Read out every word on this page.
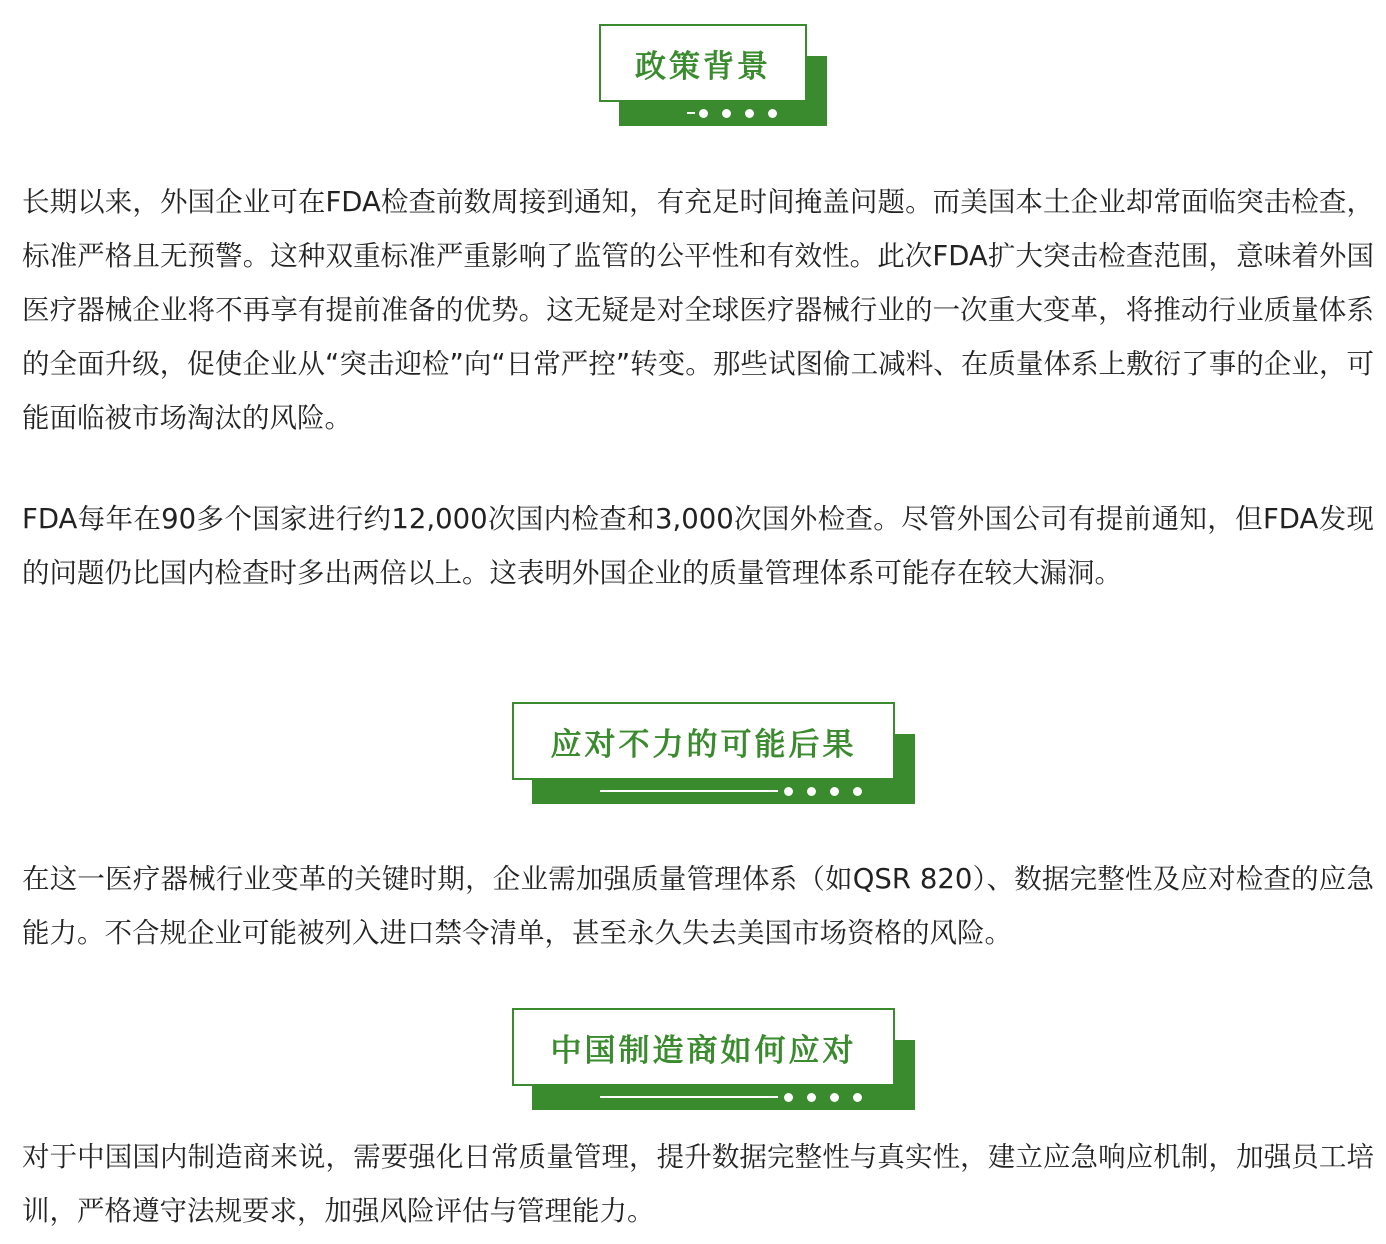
政策背景

长期以来，外国企业可在FDA检查前数周接到通知，有充足时间掩盖问题。而美国本土企业却常面临突击检查，标准严格且无预警。这种双重标准严重影响了监管的公平性和有效性。此次FDA扩大突击检查范围，意味着外国医疗器械企业将不再享有提前准备的优势。这无疑是对全球医疗器械行业的一次重大变革，将推动行业质量体系的全面升级，促使企业从“突击迎检”向“日常严控”转变。那些试图偷工减料、在质量体系上敷衍了事的企业，可能面临被市场淘汰的风险。

FDA每年在90多个国家进行约12,000次国内检查和3,000次国外检查。尽管外国公司有提前通知，但FDA发现的问题仍比国内检查时多出两倍以上。这表明外国企业的质量管理体系可能存在较大漏洞。

应对不力的可能后果

在这一医疗器械行业变革的关键时期，企业需加强质量管理体系（如QSR 820）、数据完整性及应对检查的应急能力。不合规企业可能被列入进口禁令清单，甚至永久失去美国市场资格的风险。

中国制造商如何应对

对于中国国内制造商来说，需要强化日常质量管理，提升数据完整性与真实性，建立应急响应机制，加强员工培训，严格遵守法规要求，加强风险评估与管理能力。
